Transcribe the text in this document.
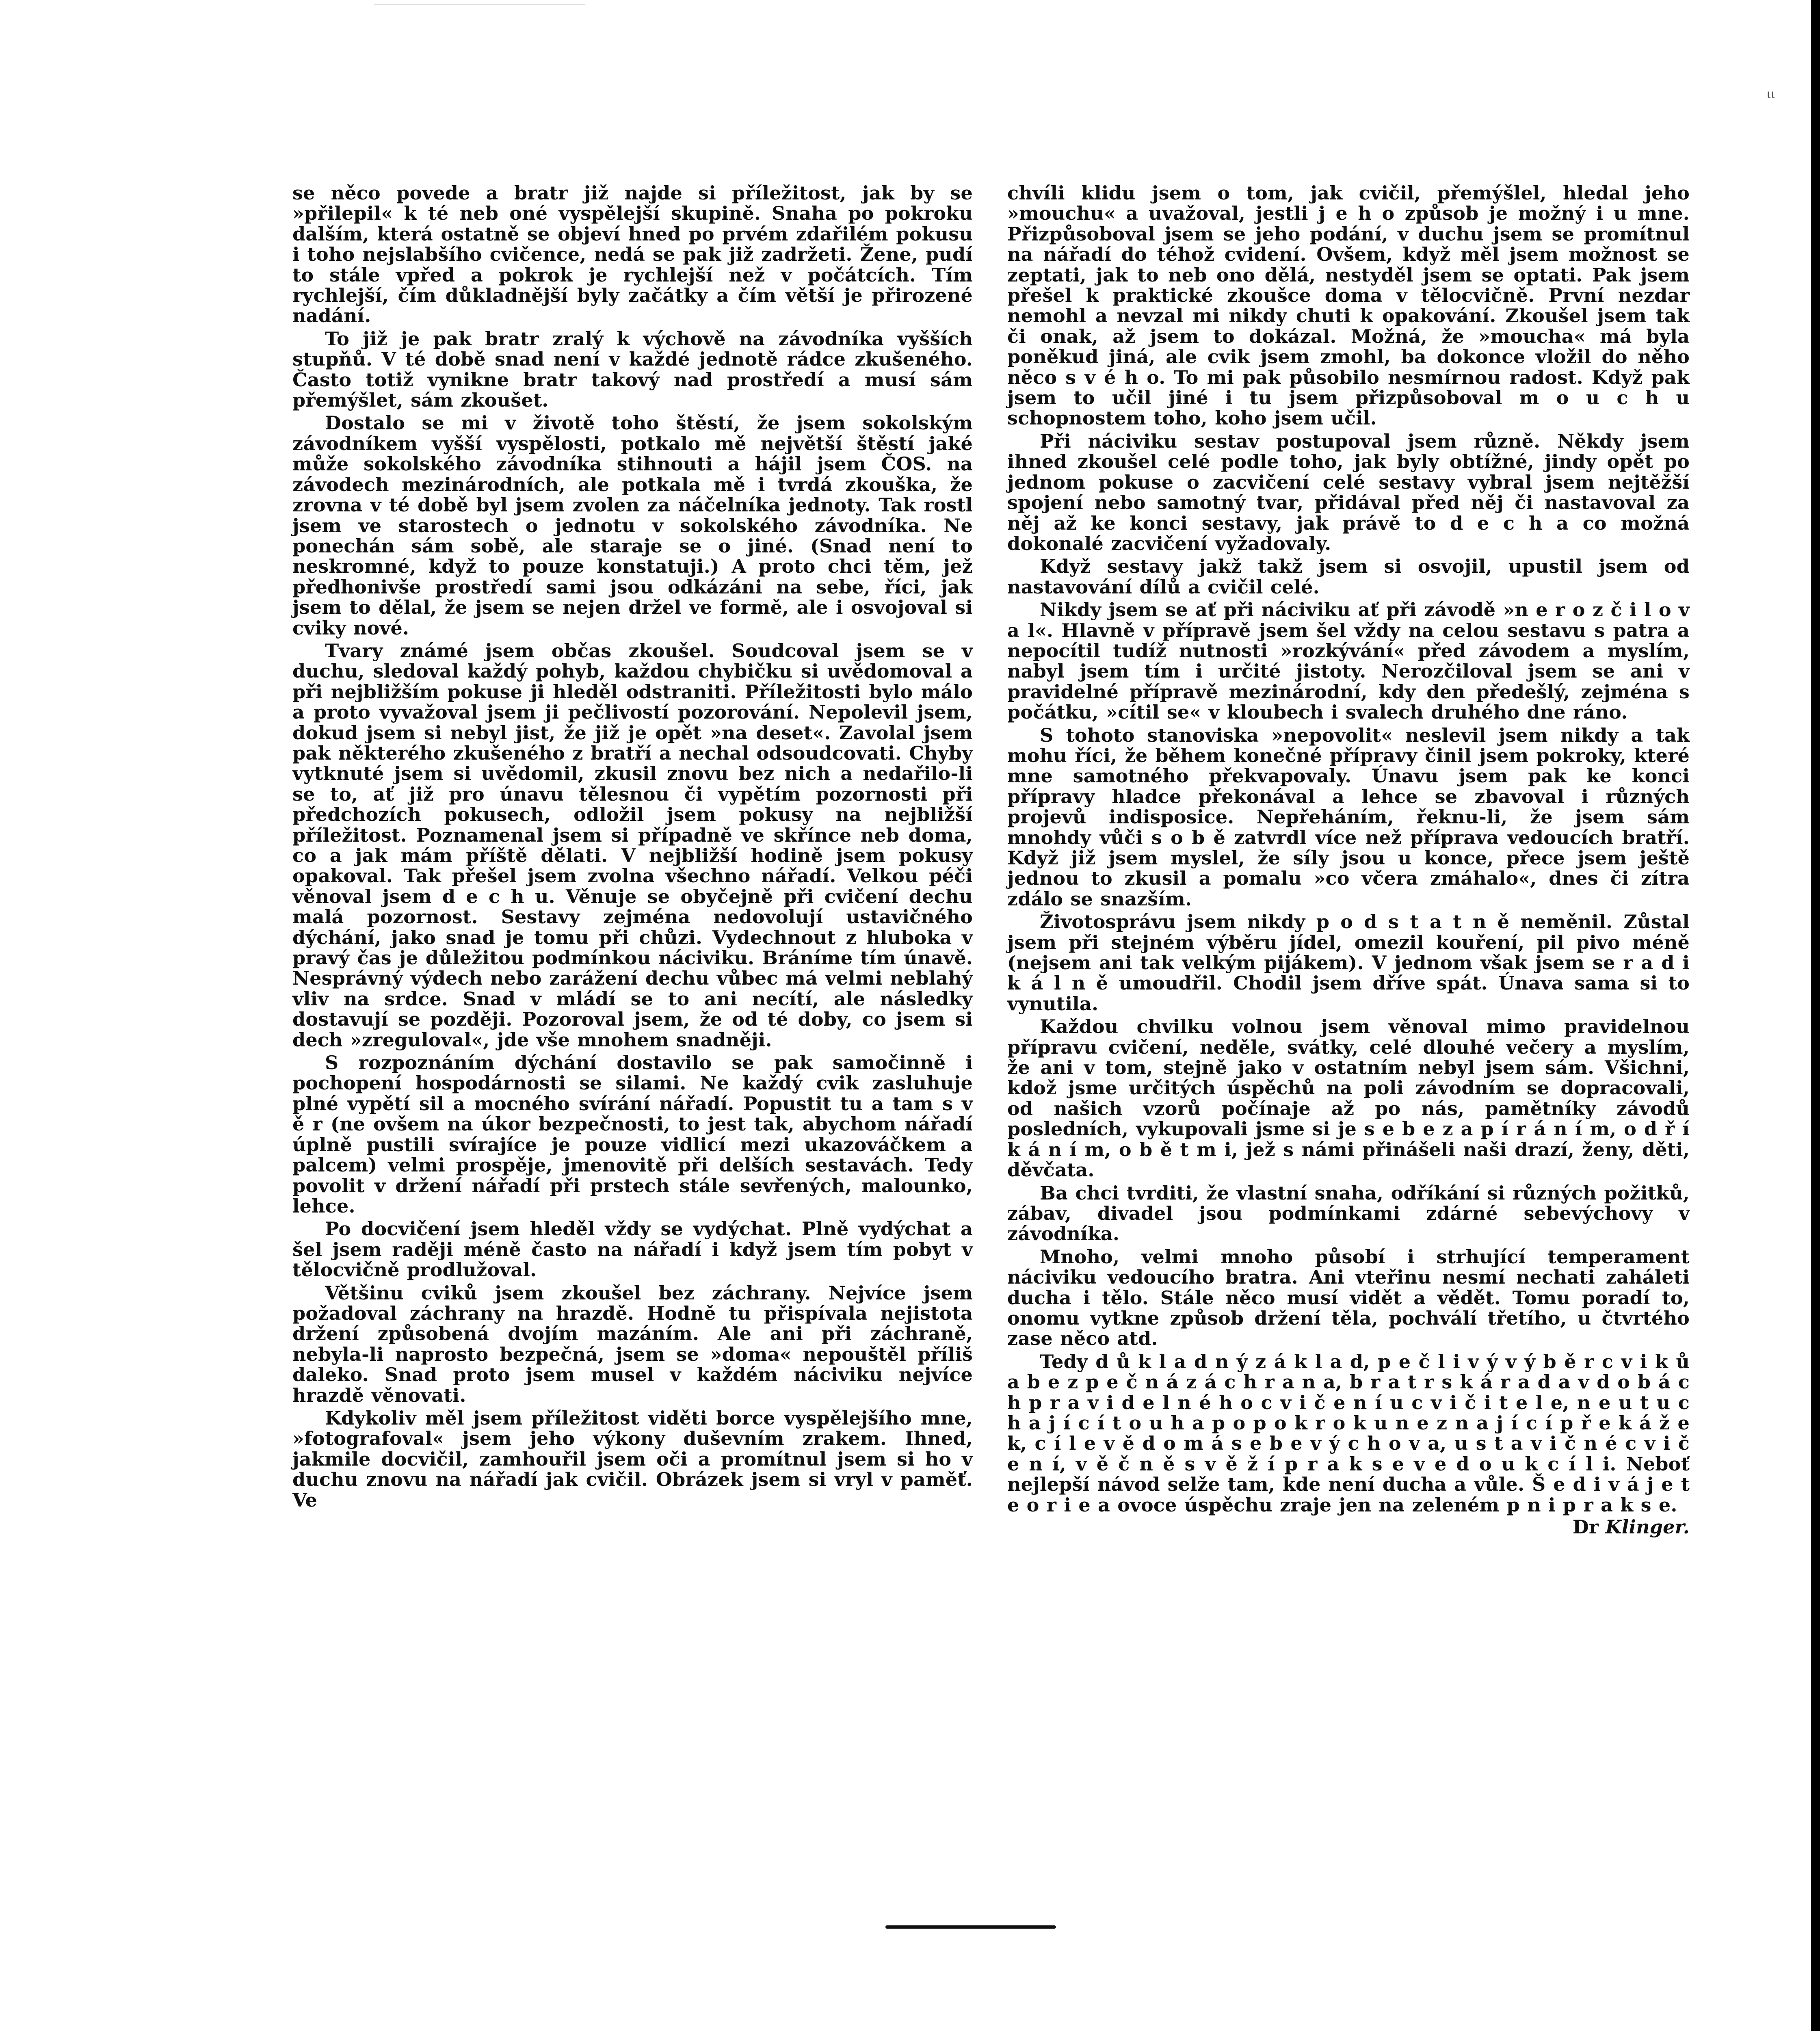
ιι

se něco povede a bratr již najde si příležitost, jak by se »přilepil« k té neb oné vyspělejší skupině. Snaha po pokroku dalším, která ostatně se objeví hned po prvém zdařilém pokusu i toho nejslabšího cvičence, nedá se pak již zadržeti. Žene, pudí to stále vpřed a pokrok je rychlejší než v počátcích. Tím rychlejší, čím důkladnější byly začátky a čím větší je přirozené nadání.

To již je pak bratr zralý k výchově na závodníka vyšších stupňů. V té době snad není v každé jednotě rádce zkušeného. Často totiž vynikne bratr takový nad prostředí a musí sám přemýšlet, sám zkoušet.

Dostalo se mi v životě toho štěstí, že jsem sokolským závodníkem vyšší vyspělosti, potkalo mě největší štěstí jaké může sokolského závodníka stihnouti a hájil jsem ČOS. na závodech mezinárodních, ale potkala mě i tvrdá zkouška, že zrovna v té době byl jsem zvolen za náčelníka jednoty. Tak rostl jsem ve starostech o jednotu v sokolského závodníka. Ne ponechán sám sobě, ale staraje se o jiné. (Snad není to neskromné, když to pouze konstatuji.) A proto chci těm, jež předhonivše prostředí sami jsou odkázáni na sebe, říci, jak jsem to dělal, že jsem se nejen držel ve formě, ale i osvojoval si cviky nové.

Tvary známé jsem občas zkoušel. Soudcoval jsem se v duchu, sledoval každý pohyb, každou chybičku si uvědomoval a při nejbližším pokuse ji hleděl odstraniti. Příležitosti bylo málo a proto vyvažoval jsem ji pečlivostí pozorování. Nepolevil jsem, dokud jsem si nebyl jist, že již je opět »na deset«. Zavolal jsem pak některého zkušeného z bratří a nechal odsoudcovati. Chyby vytknuté jsem si uvědomil, zkusil znovu bez nich a nedařilo-li se to, ať již pro únavu tělesnou či vypětím pozornosti při předchozích pokusech, odložil jsem pokusy na nejbližší příležitost. Poznamenal jsem si případně ve skřínce neb doma, co a jak mám příště dělati. V nejbližší hodině jsem pokusy opakoval. Tak přešel jsem zvolna všechno nářadí. Velkou péči věnoval jsem d e c h u. Věnuje se obyčejně při cvičení dechu malá pozornost. Sestavy zejména nedovolují ustavičného dýchání, jako snad je tomu při chůzi. Vydechnout z hluboka v pravý čas je důležitou podmínkou náciviku. Bráníme tím únavě. Nesprávný výdech nebo zarážení dechu vůbec má velmi neblahý vliv na srdce. Snad v mládí se to ani necítí, ale následky dostavují se později. Pozoroval jsem, že od té doby, co jsem si dech »zreguloval«, jde vše mnohem snadněji.

S rozpoznáním dýchání dostavilo se pak samočinně i pochopení hospodárnosti se silami. Ne každý cvik zasluhuje plné vypětí sil a mocného svírání nářadí. Popustit tu a tam s v ě r (ne ovšem na úkor bezpečnosti, to jest tak, abychom nářadí úplně pustili svírajíce je pouze vidlicí mezi ukazováčkem a palcem) velmi prospěje, jmenovitě při delších sestavách. Tedy povolit v držení nářadí při prstech stále sevřených, malounko, lehce.

Po docvičení jsem hleděl vždy se vydýchat. Plně vydýchat a šel jsem raději méně často na nářadí i když jsem tím pobyt v tělocvičně prodlužoval.

Většinu cviků jsem zkoušel bez záchrany. Nejvíce jsem požadoval záchrany na hrazdě. Hodně tu přispívala nejistota držení způsobená dvojím mazáním. Ale ani při záchraně, nebyla-li naprosto bezpečná, jsem se »doma« nepouštěl příliš daleko. Snad proto jsem musel v každém náciviku nejvíce hrazdě věnovati.

Kdykoliv měl jsem příležitost viděti borce vyspělejšího mne, »fotografoval« jsem jeho výkony duševním zrakem. Ihned, jakmile docvičil, zamhouřil jsem oči a promítnul jsem si ho v duchu znovu na nářadí jak cvičil. Obrázek jsem si vryl v paměť. Ve

chvíli klidu jsem o tom, jak cvičil, přemýšlel, hledal jeho »mouchu« a uvažoval, jestli j e h o způsob je možný i u mne. Přizpůsoboval jsem se jeho podání, v duchu jsem se promítnul na nářadí do téhož cvidení. Ovšem, když měl jsem možnost se zeptati, jak to neb ono dělá, nestyděl jsem se optati. Pak jsem přešel k praktické zkoušce doma v tělocvičně. První nezdar nemohl a nevzal mi nikdy chuti k opakování. Zkoušel jsem tak či onak, až jsem to dokázal. Možná, že »moucha« má byla poněkud jiná, ale cvik jsem zmohl, ba dokonce vložil do něho něco s v é h o. To mi pak působilo nesmírnou radost. Když pak jsem to učil jiné i tu jsem přizpůsoboval m o u c h u schopnostem toho, koho jsem učil.

Při náciviku sestav postupoval jsem různě. Někdy jsem ihned zkoušel celé podle toho, jak byly obtížné, jindy opět po jednom pokuse o zacvičení celé sestavy vybral jsem nejtěžší spojení nebo samotný tvar, přidával před něj či nastavoval za něj až ke konci sestavy, jak právě to d e c h a co možná dokonalé zacvičení vyžadovaly.

Když sestavy jakž takž jsem si osvojil, upustil jsem od nastavování dílů a cvičil celé.

Nikdy jsem se ať při náciviku ať při závodě »n e r o z č i l o v a l«. Hlavně v přípravě jsem šel vždy na celou sestavu s patra a nepocítil tudíž nutnosti »rozkývání« před závodem a myslím, nabyl jsem tím i určité jistoty. Nerozčiloval jsem se ani v pravidelné přípravě mezinárodní, kdy den předešlý, zejména s počátku, »cítil se« v kloubech i svalech druhého dne ráno.

S tohoto stanoviska »nepovolit« neslevil jsem nikdy a tak mohu říci, že během konečné přípravy činil jsem pokroky, které mne samotného překvapovaly. Únavu jsem pak ke konci přípravy hladce překonával a lehce se zbavoval i různých projevů indisposice. Nepřeháním, řeknu-li, že jsem sám mnohdy vůči s o b ě zatvrdl více než příprava vedoucích bratří. Když již jsem myslel, že síly jsou u konce, přece jsem ještě jednou to zkusil a pomalu »co včera zmáhalo«, dnes či zítra zdálo se snazším.

Životosprávu jsem nikdy p o d s t a t n ě neměnil. Zůstal jsem při stejném výběru jídel, omezil kouření, pil pivo méně (nejsem ani tak velkým pijákem). V jednom však jsem se r a d i k á l n ě umoudřil. Chodil jsem dříve spát. Únava sama si to vynutila.

Každou chvilku volnou jsem věnoval mimo pravidelnou přípravu cvičení, neděle, svátky, celé dlouhé večery a myslím, že ani v tom, stejně jako v ostatním nebyl jsem sám. Všichni, kdož jsme určitých úspěchů na poli závodním se dopracovali, od našich vzorů počínaje až po nás, pamětníky závodů posledních, vykupovali jsme si je s e b e z a p í r á n í m, o d ř í k á n í m, o b ě t m i, jež s námi přinášeli naši drazí, ženy, děti, děvčata.

Ba chci tvrditi, že vlastní snaha, odříkání si různých požitků, zábav, divadel jsou podmínkami zdárné sebevýchovy v závodníka.

Mnoho, velmi mnoho působí i strhující temperament náciviku vedoucího bratra. Ani vteřinu nesmí nechati zaháleti ducha i tělo. Stále něco musí vidět a vědět. Tomu poradí to, onomu vytkne způsob držení těla, pochválí třetího, u čtvrtého zase něco atd.

Tedy d ů k l a d n ý z á k l a d, p e č l i v ý v ý b ě r c v i k ů a b e z p e č n á z á c h r a n a, b r a t r s k á r a d a v d o b á c h p r a v i d e l n é h o c v i č e n í u c v i č i t e l e, n e u t u c h a j í c í t o u h a p o p o k r o k u n e z n a j í c í p ř e k á ž e k, c í l e v ě d o m á s e b e v ý c h o v a, u s t a v i č n é c v i č e n í, v ě č n ě s v ě ž í p r a k s e v e d o u k c í l i. Neboť nejlepší návod selže tam, kde není ducha a vůle. Š e d i v á j e t e o r i e a ovoce úspěchu zraje jen na zeleném p n i p r a k s e.

Dr Klinger.
